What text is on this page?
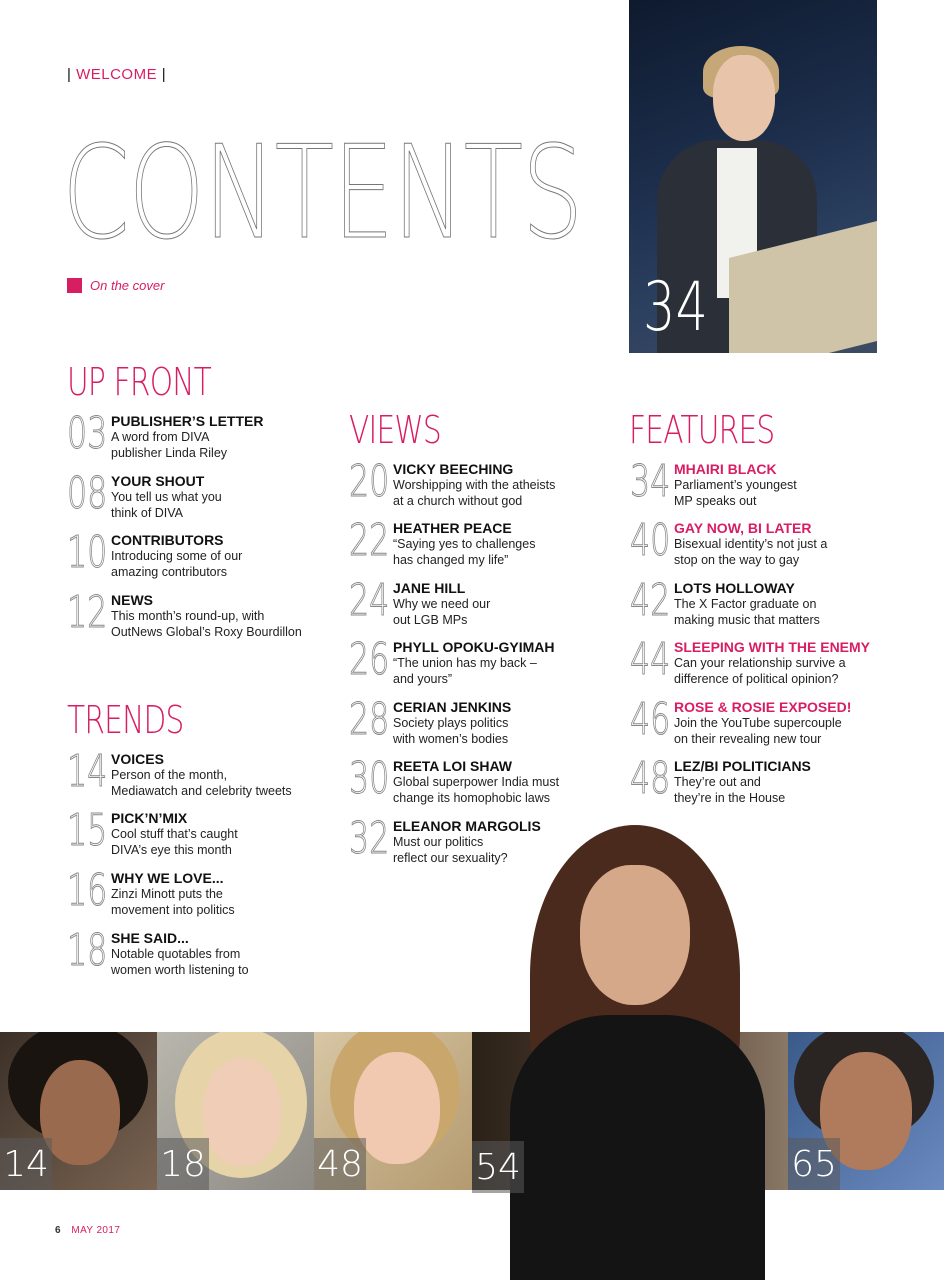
| WELCOME |
CONTENTS
On the cover	34
UP FRONT
TRENDS
VIEWS	FEATURES
03 PUBLISHER’S LETTER
A word from DIVA
publisher Linda Riley
08 YOUR SHOUT
You tell us what you
think of DIVA
10 CONTRIBUTORS
Introducing some of our
amazing contributors
12 NEWS
This month’s round-up, with
OutNews Global’s Roxy Bourdillon
14 VOICES
Person of the month,
Mediawatch and celebrity tweets
15 PICK’N’MIX
Cool stuff that’s caught
DIVA’s eye this month
16 WHY WE LOVE...
Zinzi Minott puts the
movement into politics
18 SHE SAID...
Notable quotables from
women worth listening to
20 VICKY BEECHING
Worshipping with the atheists
at a church without god
22 HEATHER PEACE
“Saying yes to challenges
has changed my life”
24 JANE HILL
Why we need our
out LGB MPs
26 PHYLL OPOKU-GYIMAH
“The union has my back –
and yours”
28 CERIAN JENKINS
Society plays politics
with women’s bodies
30 REETA LOI SHAW
Global superpower India must
change its homophobic laws
32 ELEANOR MARGOLIS
Must our politics
reflect our sexuality?
34 MHAIRI BLACK
Parliament’s youngest
MP speaks out
40 GAY NOW, BI LATER
Bisexual identity’s not just a
stop on the way to gay
42 LOTS HOLLOWAY
The X Factor graduate on
making music that matters
44 SLEEPING WITH THE ENEMY
Can your relationship survive a
difference of political opinion?
46 ROSE & ROSIE EXPOSED!
Join the YouTube supercouple
on their revealing new tour
48 LEZ/BI POLITICIANS
They’re out and
they’re in the House
14	18	48	65
54
6 MAY 2017
